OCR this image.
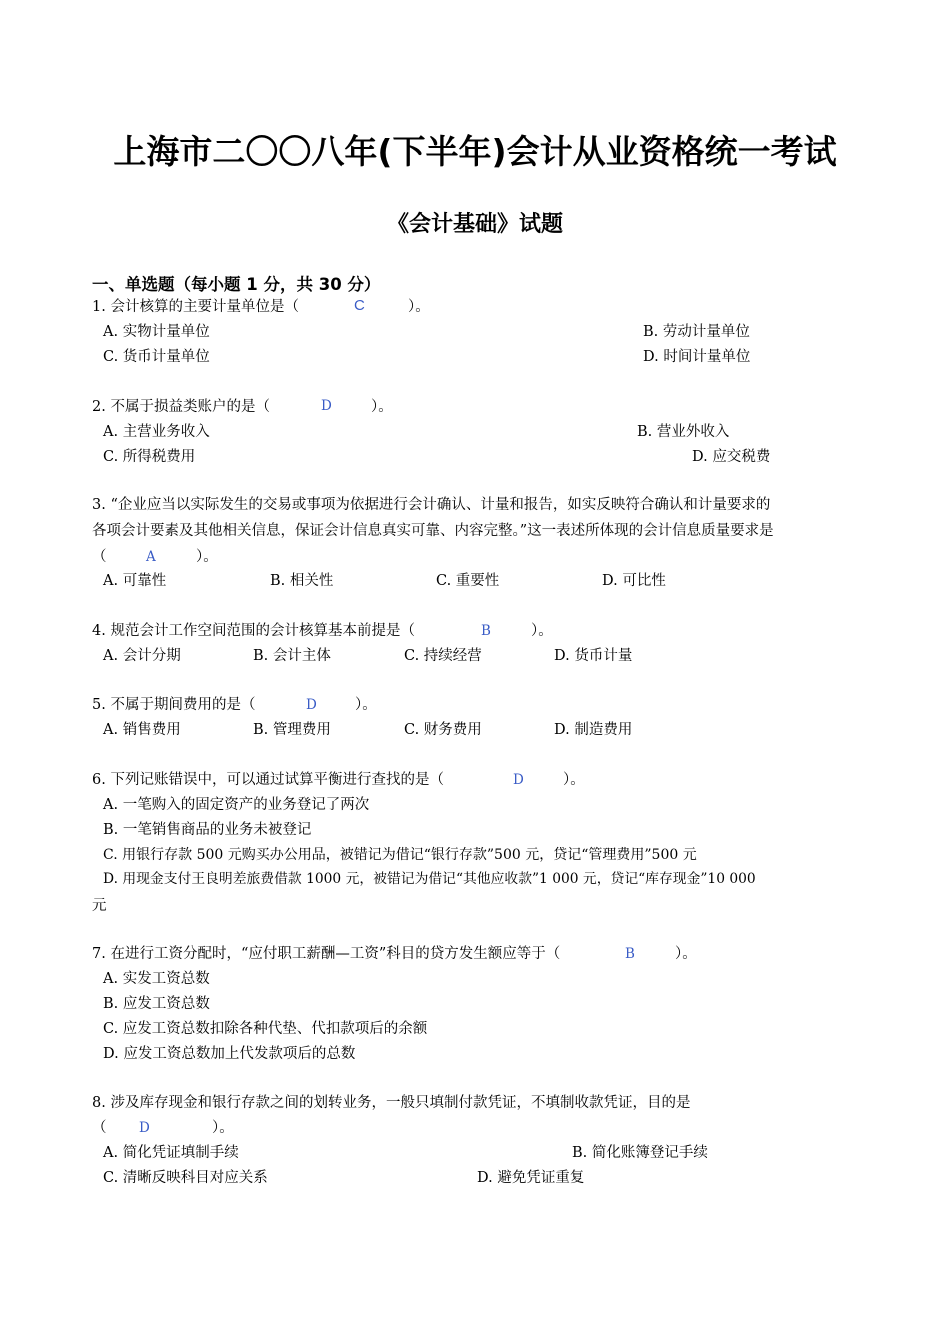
上海市二〇〇八年(下半年)会计从业资格统一考试
《会计基础》试题
一、单选题（每小题 1 分，共 30 分）
1. 会计核算的主要计量单位是（	C	）。
A. 实物计量单位	B. 劳动计量单位
C. 货币计量单位	D. 时间计量单位
2. 不属于损益类账户的是（	D	）。
A. 主营业务收入	B. 营业外收入
C. 所得税费用	D. 应交税费
3. “企业应当以实际发生的交易或事项为依据进行会计确认、计量和报告，如实反映符合确认和计量要求的
各项会计要素及其他相关信息，保证会计信息真实可靠、内容完整。”这一表述所体现的会计信息质量要求是
（	A	）。
A. 可靠性	B. 相关性	C. 重要性	D. 可比性
4. 规范会计工作空间范围的会计核算基本前提是（	B	）。
A. 会计分期	B. 会计主体	C. 持续经营	D. 货币计量
5. 不属于期间费用的是（	D	）。
A. 销售费用	B. 管理费用	C. 财务费用	D. 制造费用
6. 下列记账错误中，可以通过试算平衡进行查找的是（	D	）。
A. 一笔购入的固定资产的业务登记了两次
B. 一笔销售商品的业务未被登记
C. 用银行存款 500 元购买办公用品，被错记为借记“银行存款”500 元，贷记“管理费用”500 元
D. 用现金支付王良明差旅费借款 1000 元，被错记为借记“其他应收款”1 000 元，贷记“库存现金”10 000
元
7. 在进行工资分配时，“应付职工薪酬—工资”科目的贷方发生额应等于（	B	）。
A. 实发工资总数
B. 应发工资总数
C. 应发工资总数扣除各种代垫、代扣款项后的余额
D. 应发工资总数加上代发款项后的总数
8. 涉及库存现金和银行存款之间的划转业务，一般只填制付款凭证，不填制收款凭证，目的是
（ D	）。
A. 简化凭证填制手续	B. 简化账簿登记手续
C. 清晰反映科目对应关系	D. 避免凭证重复
